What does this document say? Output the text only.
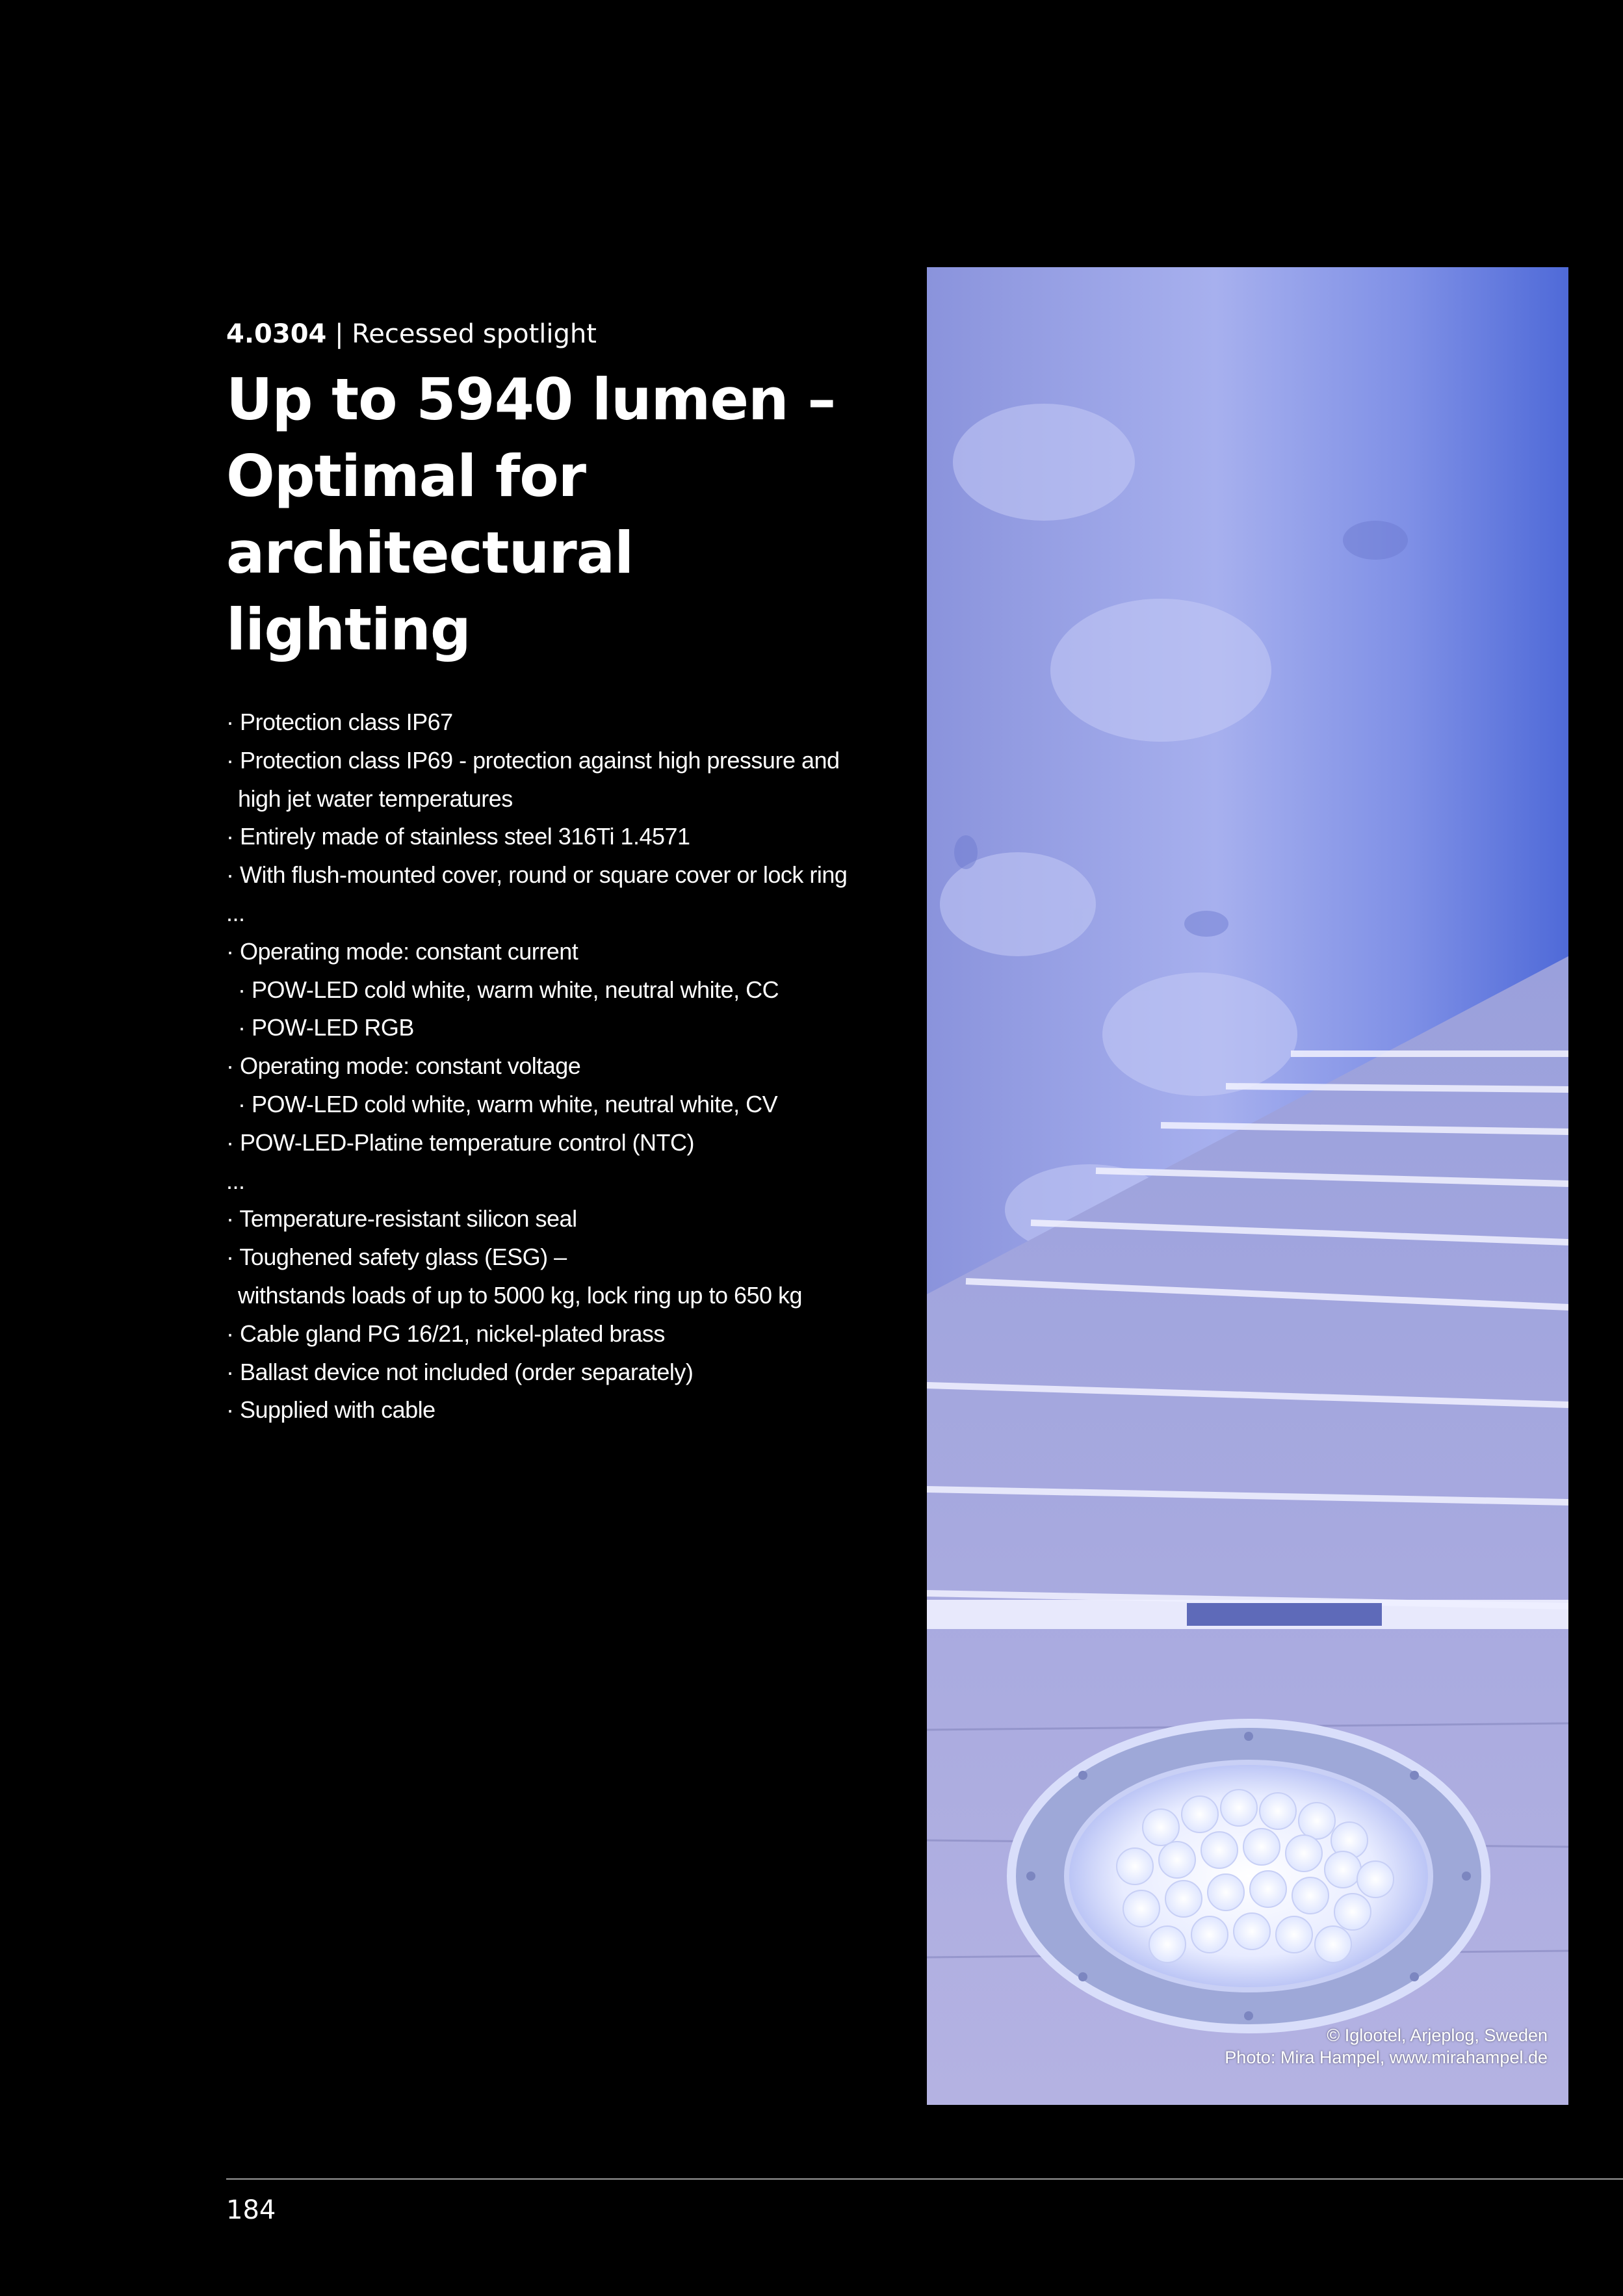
4.0304 | Recessed spotlight

Up to 5940 lumen –
Optimal for
architectural lighting
· Protection class IP67
· Protection class IP69 - protection against high pressure and
high jet water temperatures
· Entirely made of stainless steel 316Ti 1.4571
· With flush-mounted cover, round or square cover or lock ring
...
· Operating mode: constant current
· POW-LED cold white, warm white, neutral white, CC
· POW-LED RGB
· Operating mode: constant voltage
· POW-LED cold white, warm white, neutral white, CV
· POW-LED-Platine temperature control (NTC)
...
· Temperature-resistant silicon seal
· Toughened safety glass (ESG) –
withstands loads of up to 5000 kg, lock ring up to 650 kg
· Cable gland PG 16/21, nickel-plated brass
· Ballast device not included (order separately)
· Supplied with cable
© Iglootel, Arjeplog, Sweden
Photo: Mira Hampel, www.mirahampel.de
184
